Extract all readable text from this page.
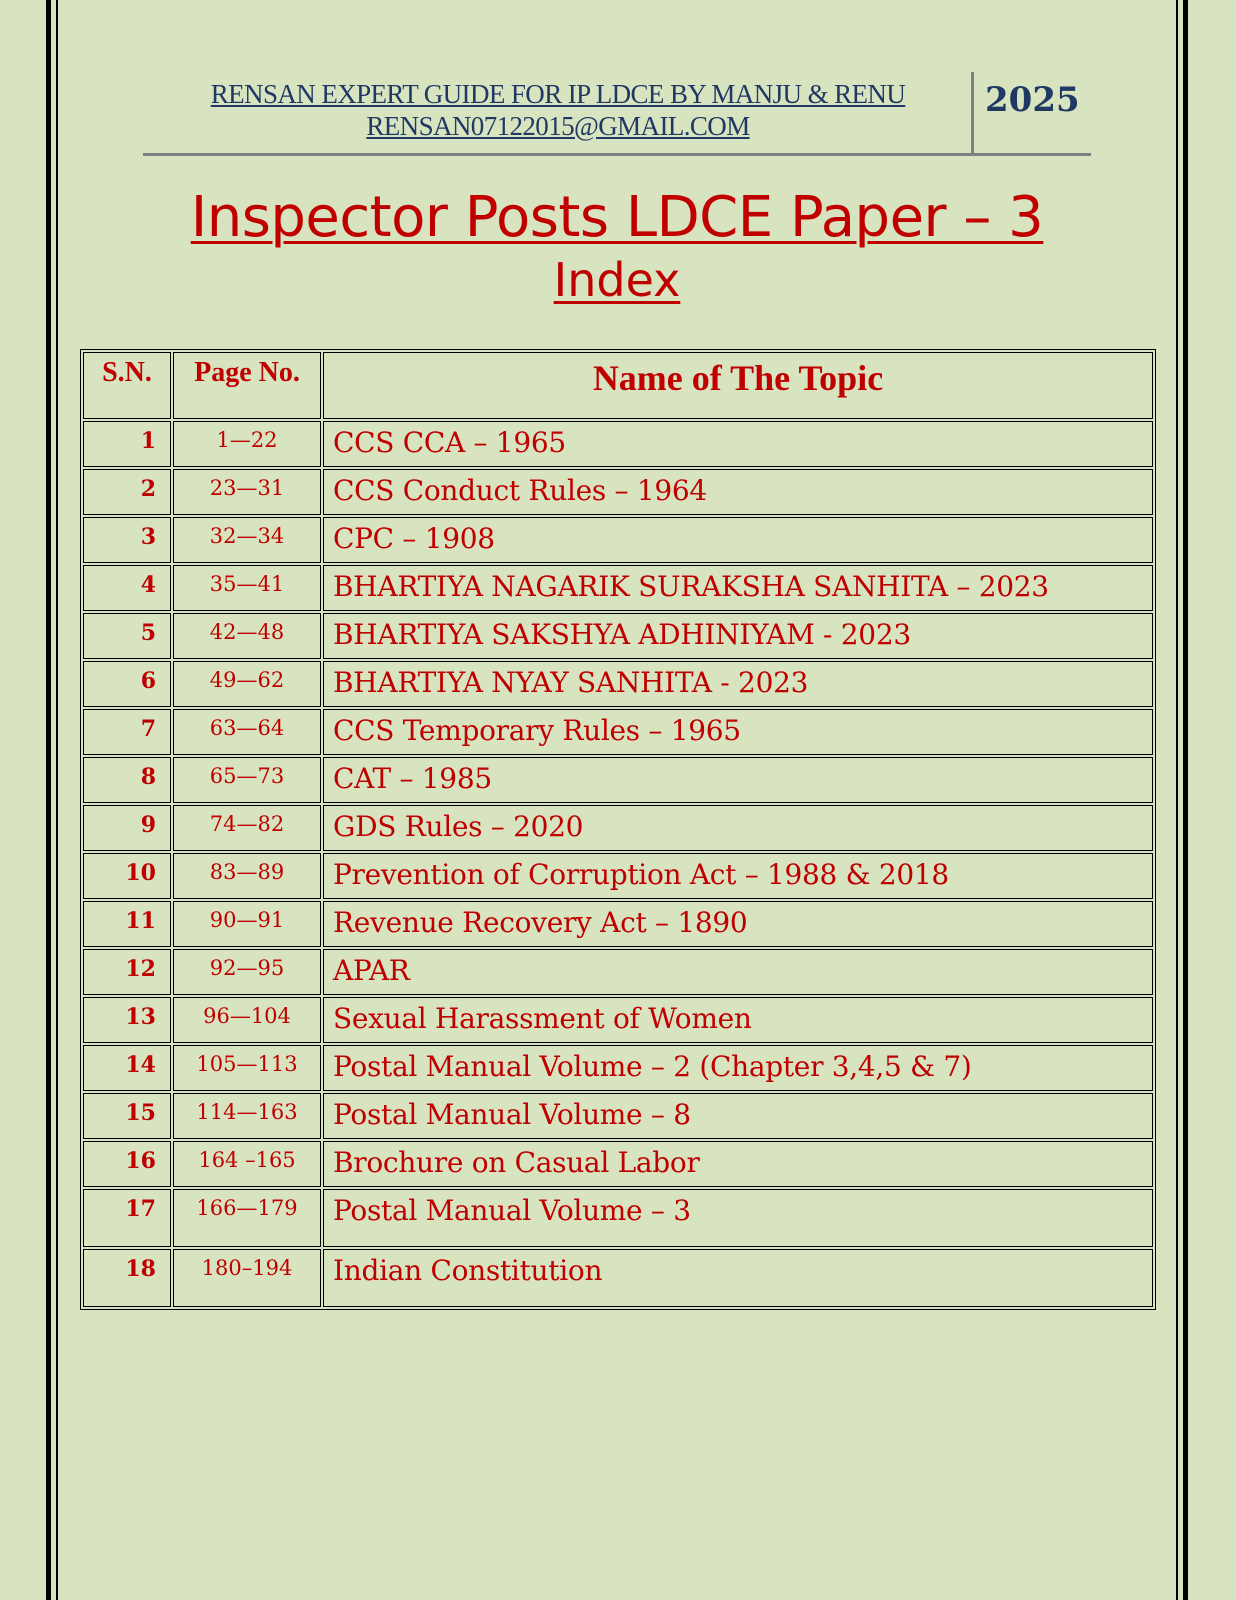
RENSAN EXPERT GUIDE FOR IP LDCE BY MANJU & RENU
RENSAN07122015@GMAIL.COM
2025
Inspector Posts LDCE Paper – 3
Index
S.N.	Page No.	Name of The Topic
1	1—22	CCS CCA – 1965
2	23—31	CCS Conduct Rules – 1964
3	32—34	CPC – 1908
4	35—41	BHARTIYA NAGARIK SURAKSHA SANHITA – 2023
5	42—48	BHARTIYA SAKSHYA ADHINIYAM - 2023
6	49—62	BHARTIYA NYAY SANHITA - 2023
7	63—64	CCS Temporary Rules – 1965
8	65—73	CAT – 1985
9	74—82	GDS Rules – 2020
10	83—89	Prevention of Corruption Act – 1988 & 2018
11	90—91	Revenue Recovery Act – 1890
12	92—95	APAR
13	96—104	Sexual Harassment of Women
14	105—113	Postal Manual Volume – 2 (Chapter 3,4,5 & 7)
15	114—163	Postal Manual Volume – 8
16	164 –165	Brochure on Casual Labor
17	166—179	Postal Manual Volume – 3
18	180–194	Indian Constitution
